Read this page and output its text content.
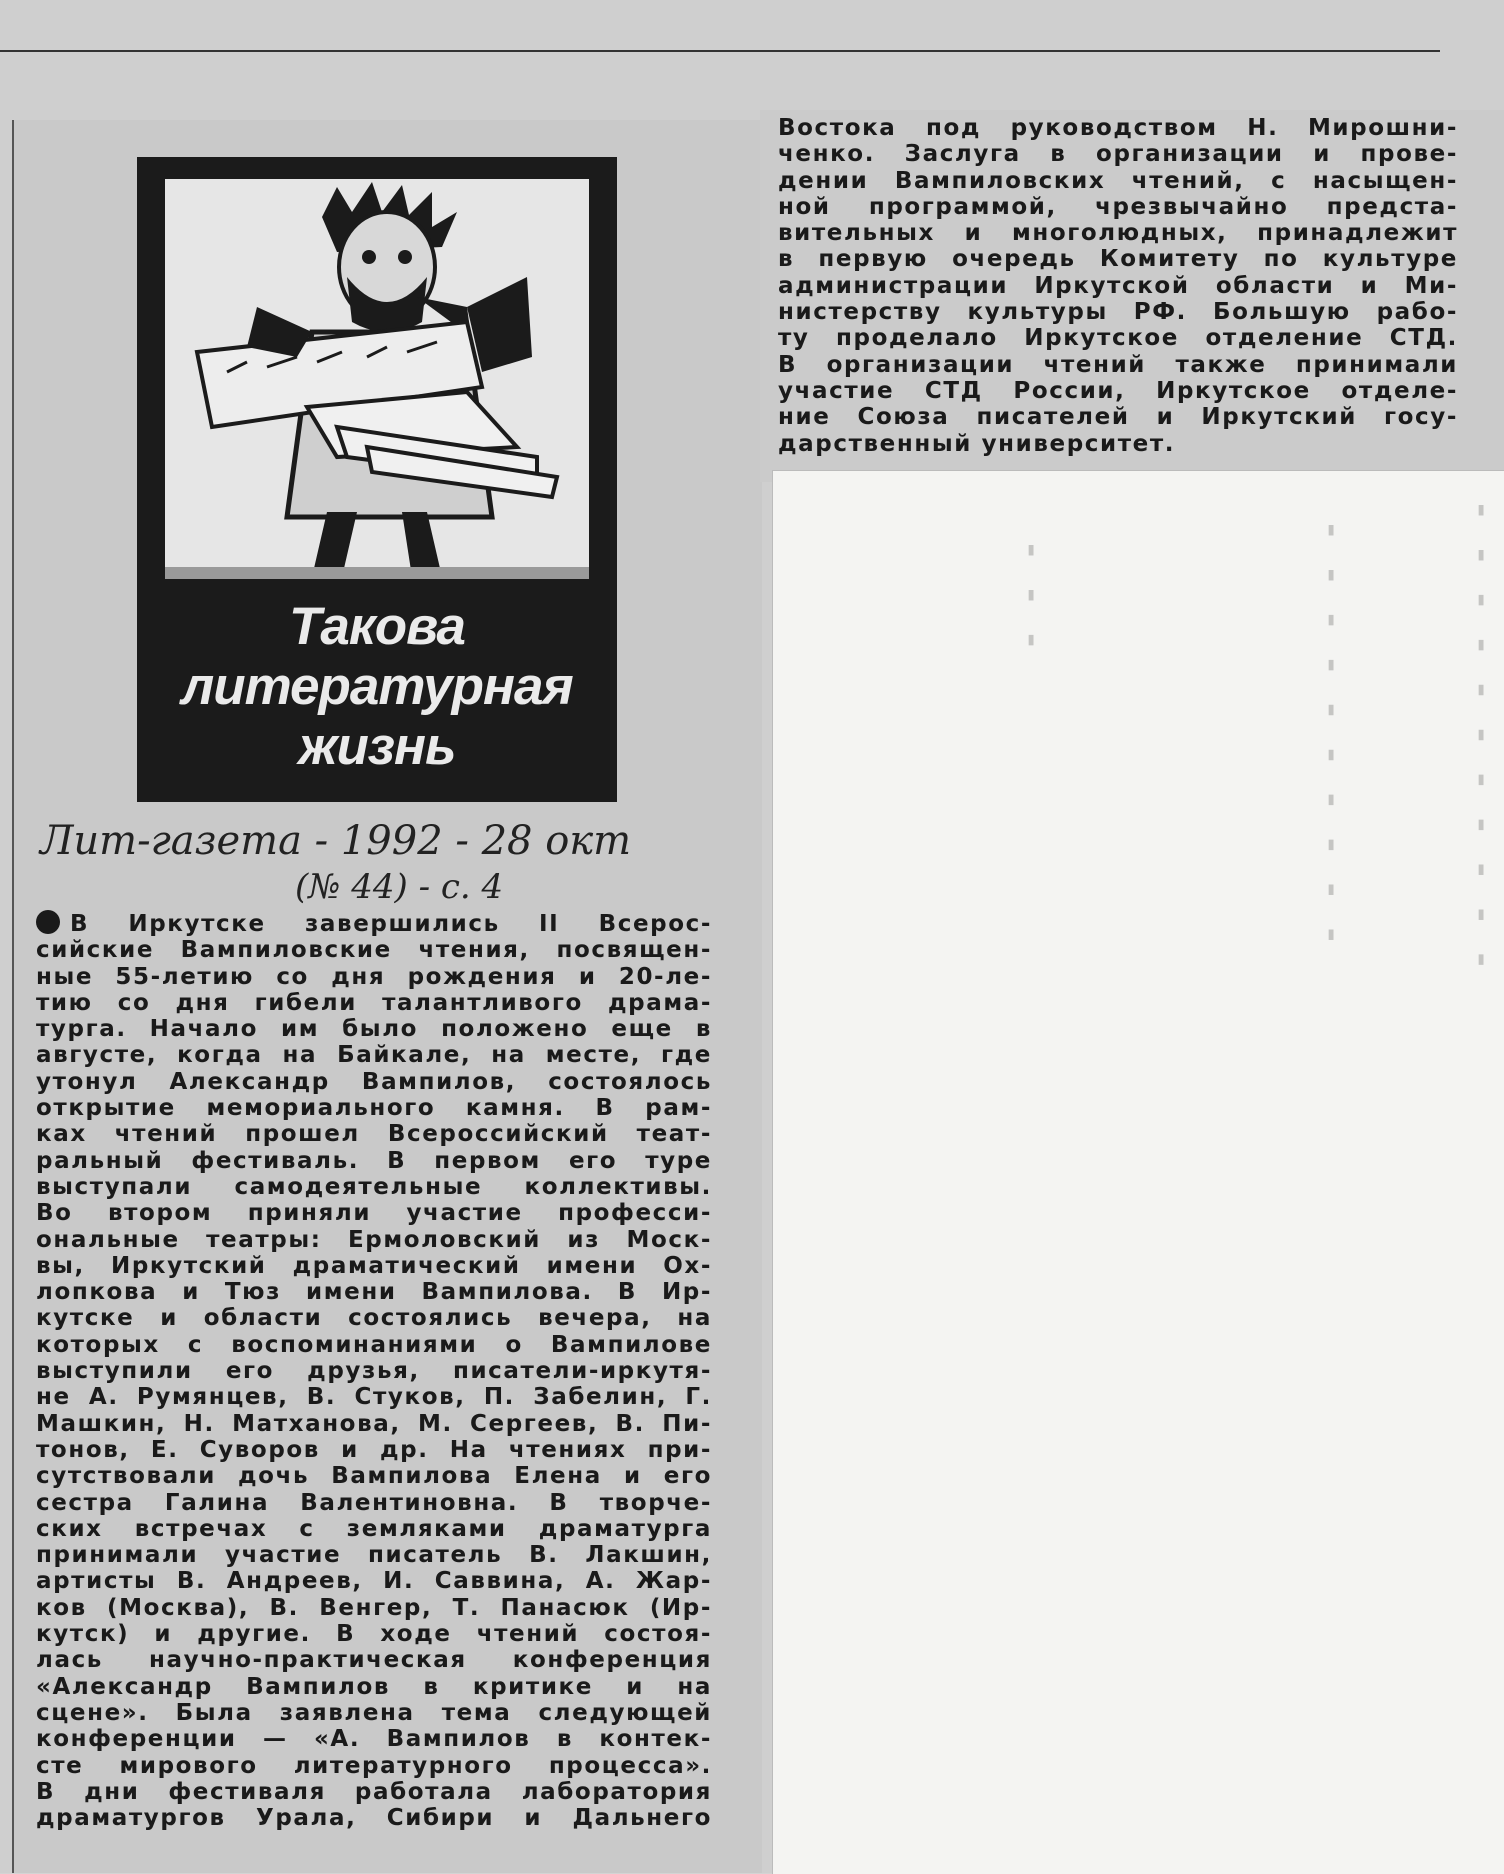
- ‑ ‑ ‑ ‑ ‑ ‑ ‑ ‑ ‑ ‑
‑ ‑ ‑ ‑ ‑ ‑ ‑ ‑ ‑ ‑
‑ ‑ ‑
Такова
литературная
жизнь
Лит-газета - 1992 - 28 окт
(№ 44) - с. 4
В Иркутске завершились II Всерос-
сийские Вампиловские чтения, посвящен-
ные 55-летию со дня рождения и 20-ле-
тию со дня гибели талантливого драма-
турга. Начало им было положено еще в
августе, когда на Байкале, на месте, где
утонул Александр Вампилов, состоялось
открытие мемориального камня. В рам-
ках чтений прошел Всероссийский теат-
ральный фестиваль. В первом его туре
выступали самодеятельные коллективы.
Во втором приняли участие професси-
ональные театры: Ермоловский из Моск-
вы, Иркутский драматический имени Ох-
лопкова и Тюз имени Вампилова. В Ир-
кутске и области состоялись вечера, на
которых с воспоминаниями о Вампилове
выступили его друзья, писатели-иркутя-
не А. Румянцев, В. Стуков, П. Забелин, Г.
Машкин, Н. Матханова, М. Сергеев, В. Пи-
тонов, Е. Суворов и др. На чтениях при-
сутствовали дочь Вампилова Елена и его
сестра Галина Валентиновна. В творче-
ских встречах с земляками драматурга
принимали участие писатель В. Лакшин,
артисты В. Андреев, И. Саввина, А. Жар-
ков (Москва), В. Венгер, Т. Панасюк (Ир-
кутск) и другие. В ходе чтений состоя-
лась научно-практическая конференция
«Александр Вампилов в критике и на
сцене». Была заявлена тема следующей
конференции — «А. Вампилов в контек-
сте мирового литературного процесса».
В дни фестиваля работала лаборатория
драматургов Урала, Сибири и Дальнего
Востока под руководством Н. Мирошни-
ченко. Заслуга в организации и прове-
дении Вампиловских чтений, с насыщен-
ной программой, чрезвычайно предста-
вительных и многолюдных, принадлежит
в первую очередь Комитету по культуре
администрации Иркутской области и Ми-
нистерству культуры РФ. Большую рабо-
ту проделало Иркутское отделение СТД.
В организации чтений также принимали
участие СТД России, Иркутское отделе-
ние Союза писателей и Иркутский госу-
дарственный университет.
